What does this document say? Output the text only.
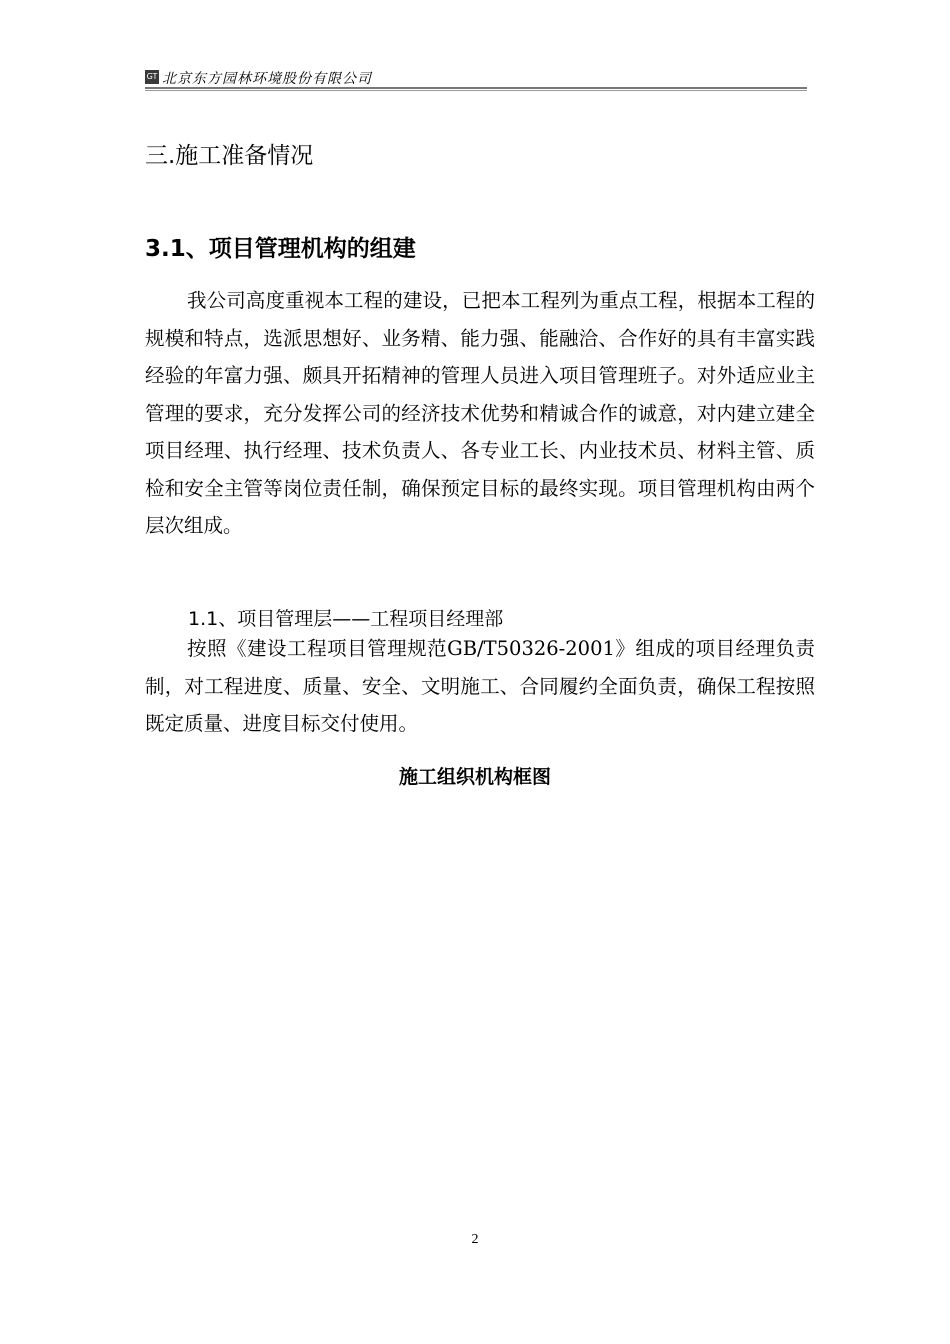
GT 北京东方园林环境股份有限公司
三.施工准备情况
3.1、项目管理机构的组建
我公司高度重视本工程的建设，已把本工程列为重点工程，根据本工程的规模和特点，选派思想好、业务精、能力强、能融洽、合作好的具有丰富实践经验的年富力强、颇具开拓精神的管理人员进入项目管理班子。对外适应业主管理的要求，充分发挥公司的经济技术优势和精诚合作的诚意，对内建立建全项目经理、执行经理、技术负责人、各专业工长、内业技术员、材料主管、质检和安全主管等岗位责任制，确保预定目标的最终实现。项目管理机构由两个层次组成。
1.1、项目管理层——工程项目经理部
按照《建设工程项目管理规范GB/T50326-2001》组成的项目经理负责制，对工程进度、质量、安全、文明施工、合同履约全面负责，确保工程按照既定质量、进度目标交付使用。
施工组织机构框图
2
